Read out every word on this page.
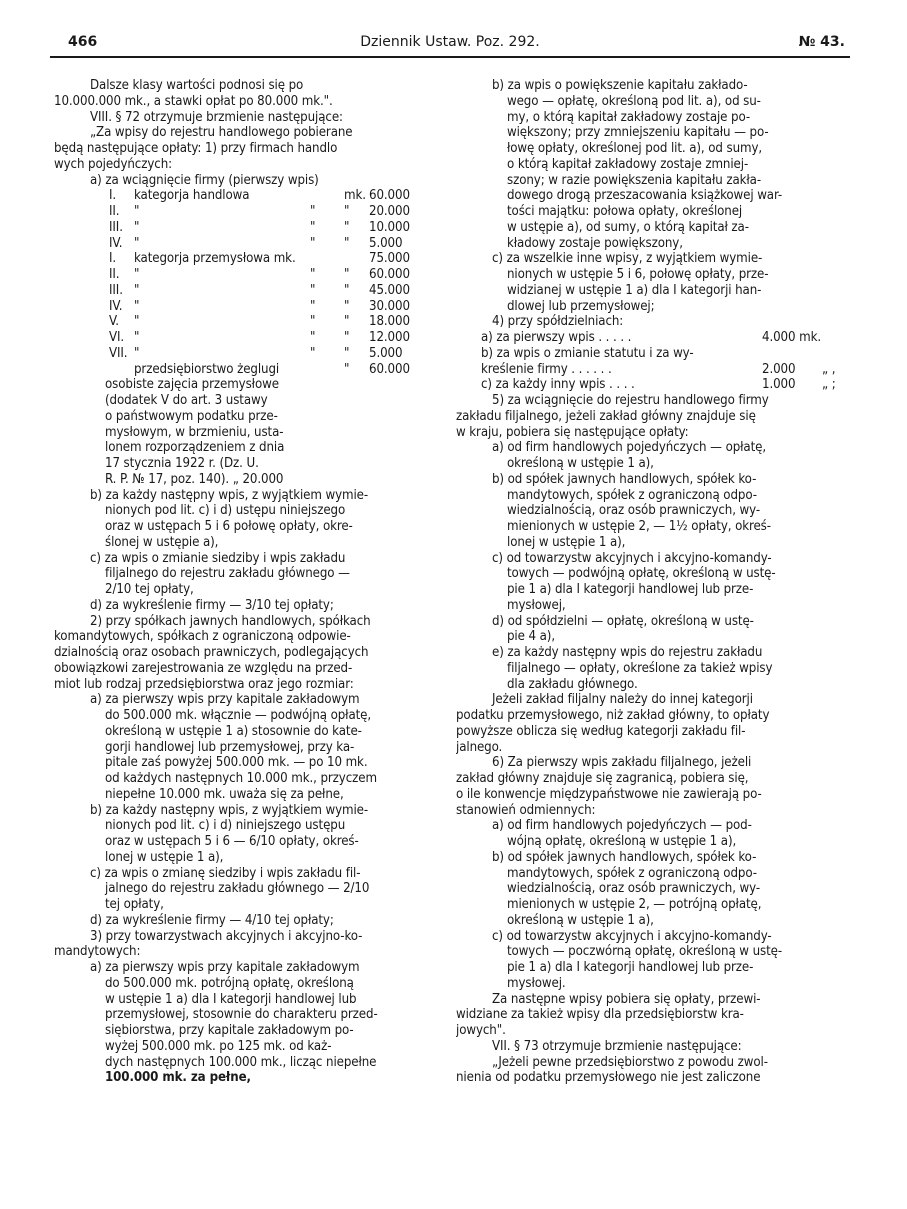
466	Dziennik Ustaw. Poz. 292.	№ 43.
Dalsze klasy wartości podnosi się po
10.000.000 mk., a stawki opłat po 80.000 mk.".
VIII. § 72 otrzymuje brzmienie następujące:
„Za wpisy do rejestru handlowego pobierane
będą następujące opłaty: 1) przy firmach handlo
wych pojedyńczych:
a) za wciągnięcie firmy (pierwszy wpis)
I. kategorja handlowa	mk. 60.000
II. "	" " 20.000
III. "	" " 10.000
IV. "	" " 5.000
I. kategorja przemysłowa mk.	75.000
II. "	" " 60.000
III. "	" " 45.000
IV. "	" " 30.000
V. "	" " 18.000
VI. "	" " 12.000
VII. "	" " 5.000
przedsiębiorstwo żeglugi	" 60.000
osobiste zajęcia przemysłowe
(dodatek V do art. 3 ustawy
o państwowym podatku prze-
mysłowym, w brzmieniu, usta-
lonem rozporządzeniem z dnia
17 stycznia 1922 r. (Dz. U.
R. P. № 17, poz. 140). „ 20.000
b) za każdy następny wpis, z wyjątkiem wymie-
nionych pod lit. c) i d) ustępu niniejszego
oraz w ustępach 5 i 6 połowę opłaty, okre-
ślonej w ustępie a),
c) za wpis o zmianie siedziby i wpis zakładu
filjalnego do rejestru zakładu głównego —
2/10 tej opłaty,
d) za wykreślenie firmy — 3/10 tej opłaty;
2) przy spółkach jawnych handlowych, spółkach
komandytowych, spółkach z ograniczoną odpowie-
dzialnością oraz osobach prawniczych, podlegających
obowiązkowi zarejestrowania ze względu na przed-
miot lub rodzaj przedsiębiorstwa oraz jego rozmiar:
a) za pierwszy wpis przy kapitale zakładowym
do 500.000 mk. włącznie — podwójną opłatę,
określoną w ustępie 1 a) stosownie do kate-
gorji handlowej lub przemysłowej, przy ka-
pitale zaś powyżej 500.000 mk. — po 10 mk.
od każdych następnych 10.000 mk., przyczem
niepełne 10.000 mk. uważa się za pełne,
b) za każdy następny wpis, z wyjątkiem wymie-
nionych pod lit. c) i d) niniejszego ustępu
oraz w ustępach 5 i 6 — 6/10 opłaty, okreś-
lonej w ustępie 1 a),
c) za wpis o zmianę siedziby i wpis zakładu fil-
jalnego do rejestru zakładu głównego — 2/10
tej opłaty,
d) za wykreślenie firmy — 4/10 tej opłaty;
3) przy towarzystwach akcyjnych i akcyjno-ko-
mandytowych:
a) za pierwszy wpis przy kapitale zakładowym
do 500.000 mk. potrójną opłatę, określoną
w ustępie 1 a) dla I kategorji handlowej lub
przemysłowej, stosownie do charakteru przed-
siębiorstwa, przy kapitale zakładowym po-
wyżej 500.000 mk. po 125 mk. od każ-
dych następnych 100.000 mk., licząc niepełne
100.000 mk. za pełne,
b) za wpis o powiększenie kapitału zakłado-
wego — opłatę, określoną pod lit. a), od su-
my, o którą kapitał zakładowy zostaje po-
większony; przy zmniejszeniu kapitału — po-
łowę opłaty, określonej pod lit. a), od sumy,
o którą kapitał zakładowy zostaje zmniej-
szony; w razie powiększenia kapitału zakła-
dowego drogą przeszacowania książkowej war-
tości majątku: połowa opłaty, określonej
w ustępie a), od sumy, o którą kapitał za-
kładowy zostaje powiększony,
c) za wszelkie inne wpisy, z wyjątkiem wymie-
nionych w ustępie 5 i 6, połowę opłaty, prze-
widzianej w ustępie 1 a) dla I kategorji han-
dlowej lub przemysłowej;
4) przy spółdzielniach:
a) za pierwszy wpis . . . . .	4.000 mk.
b) za wpis o zmianie statutu i za wy-
kreślenie firmy . . . . . .	2.000 „ ,
c) za każdy inny wpis . . . .	1.000 „ ;
5) za wciągnięcie do rejestru handlowego firmy
zakładu filjalnego, jeżeli zakład główny znajduje się
w kraju, pobiera się następujące opłaty:
a) od firm handlowych pojedyńczych — opłatę,
określoną w ustępie 1 a),
b) od spółek jawnych handlowych, spółek ko-
mandytowych, spółek z ograniczoną odpo-
wiedzialnością, oraz osób prawniczych, wy-
mienionych w ustępie 2, — 1½ opłaty, okreś-
lonej w ustępie 1 a),
c) od towarzystw akcyjnych i akcyjno-komandy-
towych — podwójną opłatę, określoną w ustę-
pie 1 a) dla I kategorji handlowej lub prze-
mysłowej,
d) od spółdzielni — opłatę, określoną w ustę-
pie 4 a),
e) za każdy następny wpis do rejestru zakładu
filjalnego — opłaty, określone za takież wpisy
dla zakładu głównego.
Jeżeli zakład filjalny należy do innej kategorji
podatku przemysłowego, niż zakład główny, to opłaty
powyższe oblicza się według kategorji zakładu fil-
jalnego.
6) Za pierwszy wpis zakładu filjalnego, jeżeli
zakład główny znajduje się zagranicą, pobiera się,
o ile konwencje międzypaństwowe nie zawierają po-
stanowień odmiennych:
a) od firm handlowych pojedyńczych — pod-
wójną opłatę, określoną w ustępie 1 a),
b) od spółek jawnych handlowych, spółek ko-
mandytowych, spółek z ograniczoną odpo-
wiedzialnością, oraz osób prawniczych, wy-
mienionych w ustępie 2, — potrójną opłatę,
określoną w ustępie 1 a),
c) od towarzystw akcyjnych i akcyjno-komandy-
towych — poczwórną opłatę, określoną w ustę-
pie 1 a) dla I kategorji handlowej lub prze-
mysłowej.
Za następne wpisy pobiera się opłaty, przewi-
widziane za takież wpisy dla przedsiębiorstw kra-
jowych".
VII. § 73 otrzymuje brzmienie następujące:
„Jeżeli pewne przedsiębiorstwo z powodu zwol-
nienia od podatku przemysłowego nie jest zaliczone
